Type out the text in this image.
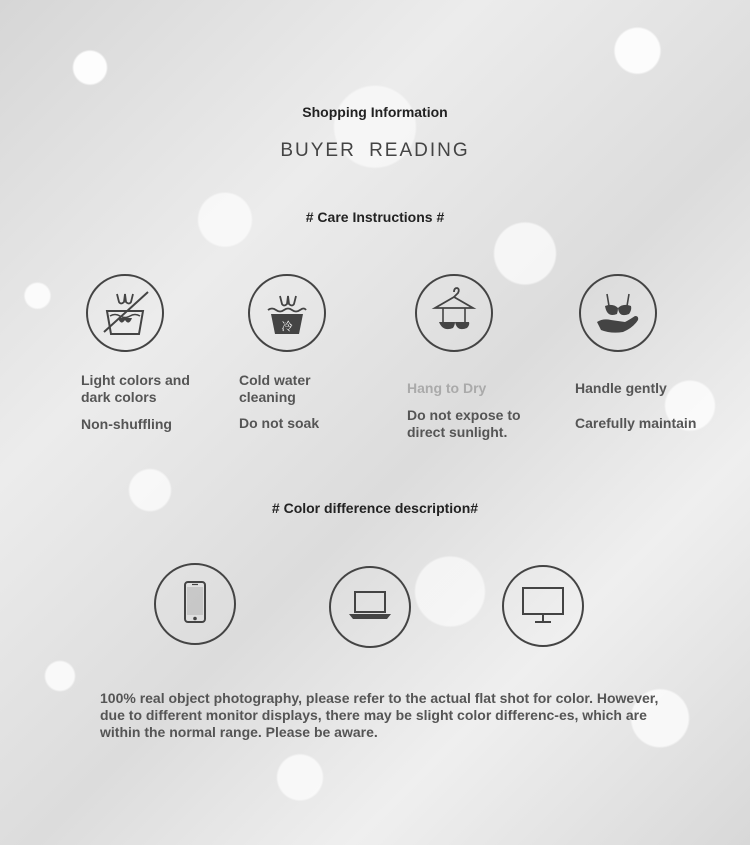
Shopping Information
BUYER READING
# Care Instructions #
Light colors and dark colors
Non-shuffling
冷
Cold water cleaning
Do not soak
Hang to Dry
Do not expose to direct sunlight.
Handle gently
Carefully maintain
# Color difference description#
100% real object photography, please refer to the actual flat shot for color. However, due to different monitor displays, there may be slight color differenc-es, which are within the normal range. Please be aware.
